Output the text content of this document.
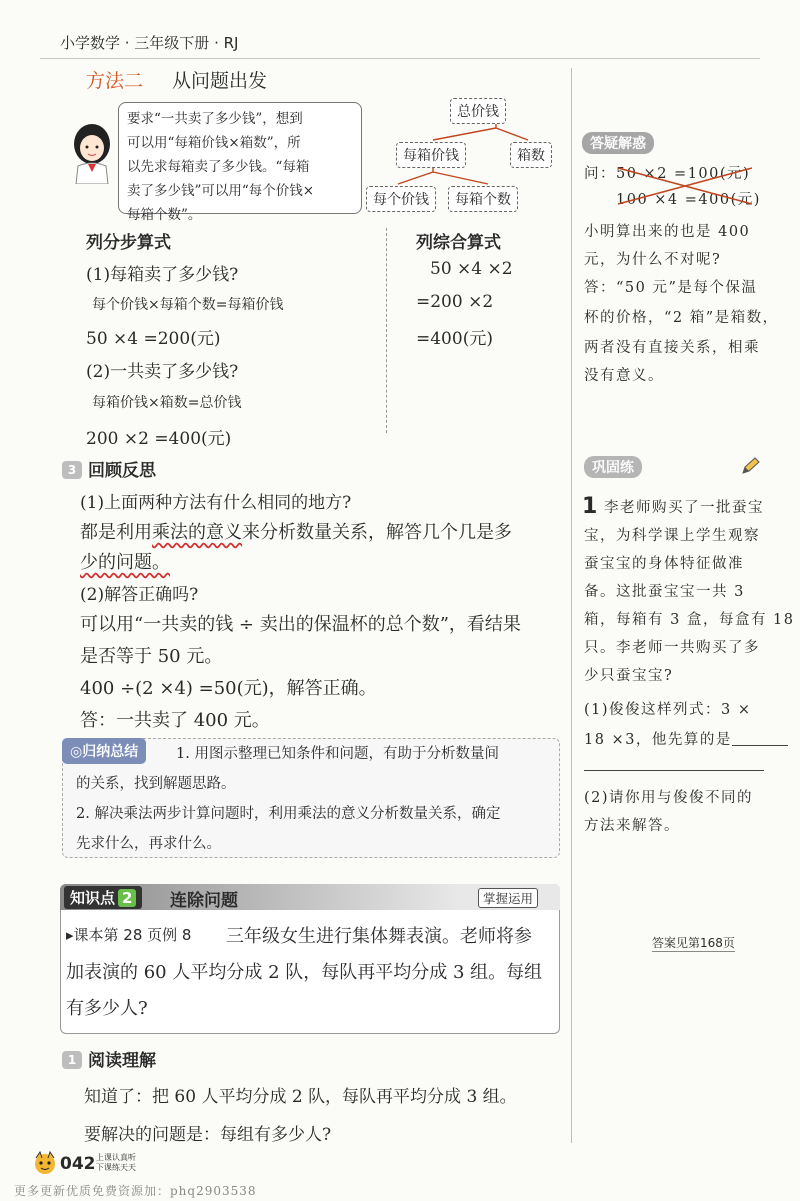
小学数学 · 三年级下册 · RJ
方法二 从问题出发
要求“一共卖了多少钱”，想到
可以用“每箱价钱×箱数”，所
以先求每箱卖了多少钱。“每箱
卖了多少钱”可以用“每个价钱×
每箱个数”。
总价钱
每箱价钱	箱数
每个价钱	每箱个数
列分步算式
(1)每箱卖了多少钱?
每个价钱×每箱个数=每箱价钱
50 ×4 =200(元)
(2)一共卖了多少钱?
每箱价钱×箱数=总价钱
200 ×2 =400(元)
列综合算式
50 ×4 ×2
=200 ×2
=400(元)
3 回顾反思
(1)上面两种方法有什么相同的地方?
都是利用乘法的意义来分析数量关系，解答几个几是多
少的问题。
(2)解答正确吗?
可以用“一共卖的钱 ÷ 卖出的保温杯的总个数”，看结果
是否等于 50 元。
400 ÷(2 ×4) =50(元)，解答正确。
答：一共卖了 400 元。
◎归纳总结	1. 用图示整理已知条件和问题，有助于分析数量间
的关系，找到解题思路。
2. 解决乘法两步计算问题时，利用乘法的意义分析数量关系，确定
先求什么，再求什么。
知识点 2	连除问题	掌握运用
▸课本第 28 页例 8 三年级女生进行集体舞表演。老师将参
加表演的 60 人平均分成 2 队，每队再平均分成 3 组。每组
有多少人?
1 阅读理解
知道了：把 60 人平均分成 2 队，每队再平均分成 3 组。
要解决的问题是：每组有多少人?
答疑解惑
问： 50 ×2 =100(元)
100 ×4 =400(元)
小明算出来的也是 400
元，为什么不对呢?
答：“50 元”是每个保温
杯的价格，“2 箱”是箱数，
两者没有直接关系，相乘
没有意义。
巩固练
1 李老师购买了一批蚕宝
宝，为科学课上学生观察
蚕宝宝的身体特征做准
备。这批蚕宝宝一共 3
箱，每箱有 3 盒，每盒有 18
只。李老师一共购买了多
少只蚕宝宝?
(1)俊俊这样列式：3 ×
18 ×3，他先算的是
(2)请你用与俊俊不同的
方法来解答。
答案见第168页
042 上课认真听
下课练天天
更多更新优质免费资源加：phq2903538
